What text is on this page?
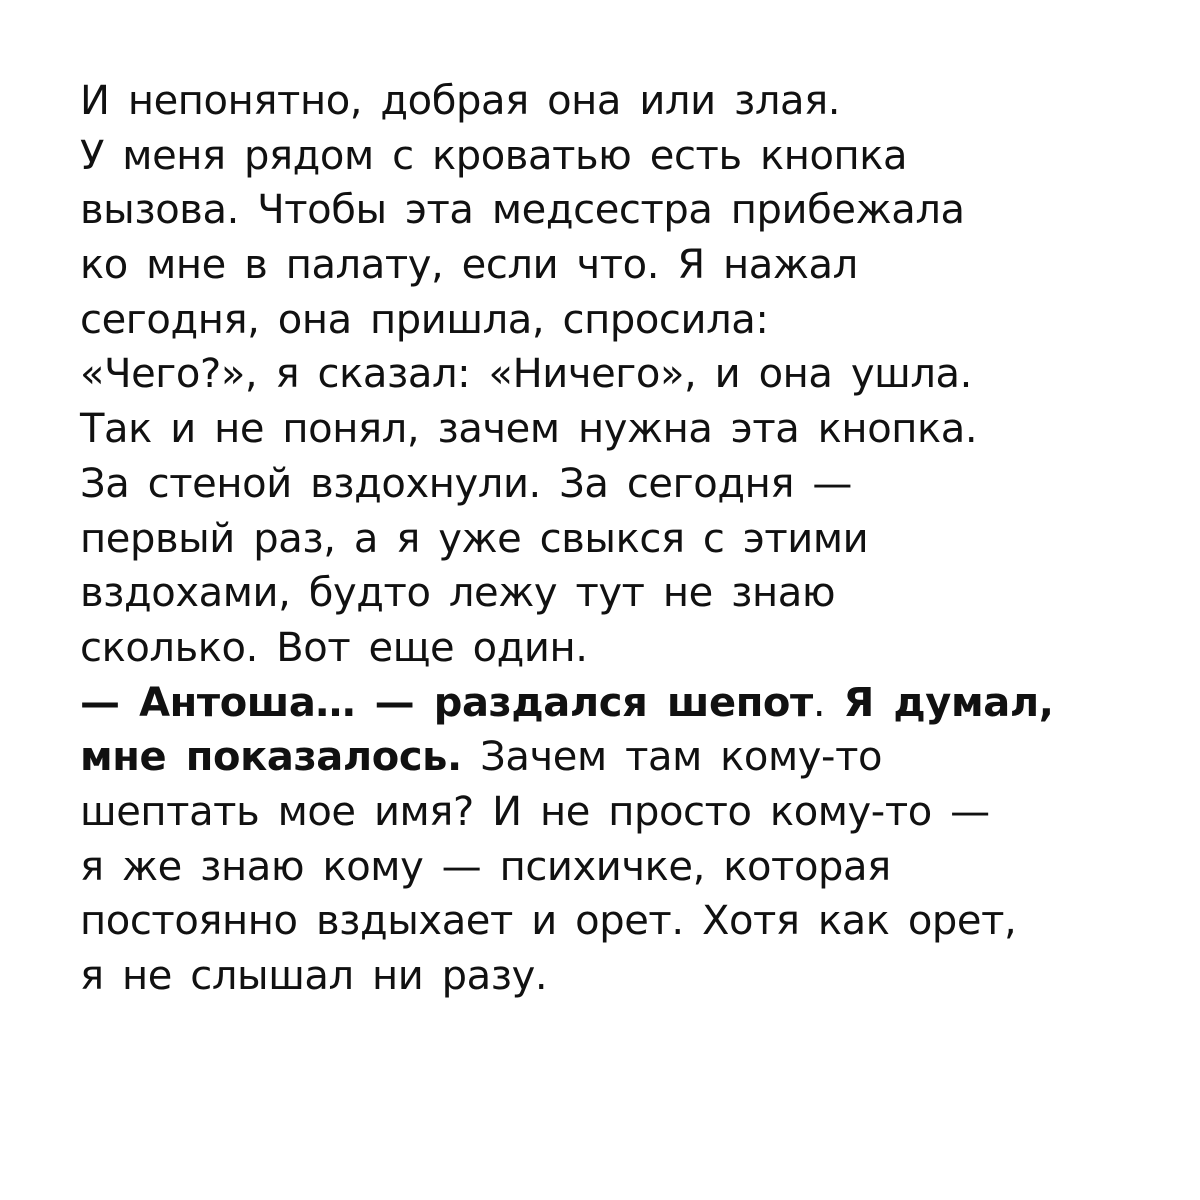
И непонятно, добрая она или злая.
У меня рядом с кроватью есть кнопка
вызова. Чтобы эта медсестра прибежала
ко мне в палату, если что. Я нажал
сегодня, она пришла, спросила:
«Чего?», я сказал: «Ничего», и она ушла.
Так и не понял, зачем нужна эта кнопка.
За стеной вздохнули. За сегодня —
первый раз, а я уже свыкся с этими
вздохами, будто лежу тут не знаю
сколько. Вот еще один.
— Антоша… — раздался шепот. Я думал,
мне показалось. Зачем там кому-то
шептать мое имя? И не просто кому-то —
я же знаю кому — психичке, которая
постоянно вздыхает и орет. Хотя как орет,
я не слышал ни разу.
